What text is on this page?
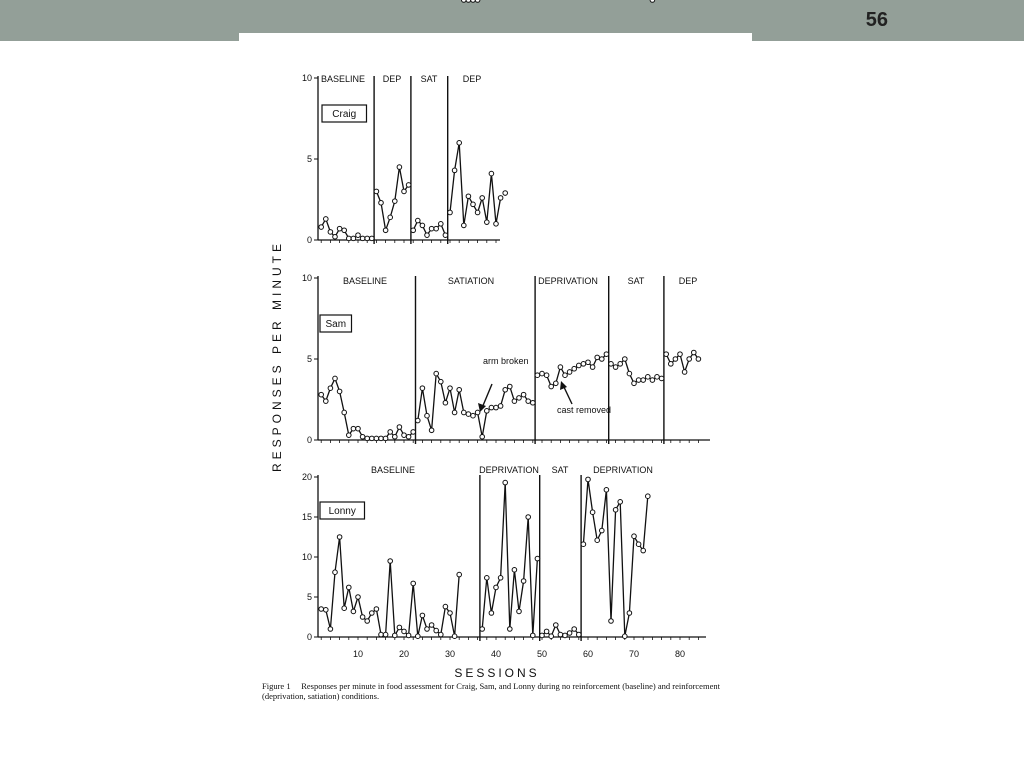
56
0
5
10 BASELINE DEP SAT	DEP
Craig
0
5
10	BASELINE	SATIATION	DEPRIVATION	SAT	DEP
Sam
arm broken
cast removed
0
5
10
15
20
BASELINE	DEPRIVATION SAT	DEPRIVATION
Lonny
10	20	30	40	50	60	70	80
SESSIONS
RESPONSES PER MINUTE
Figure 1 Responses per minute in food assessment for Craig, Sam, and Lonny during no reinforcement (baseline) and reinforcement (deprivation, satiation) conditions.
